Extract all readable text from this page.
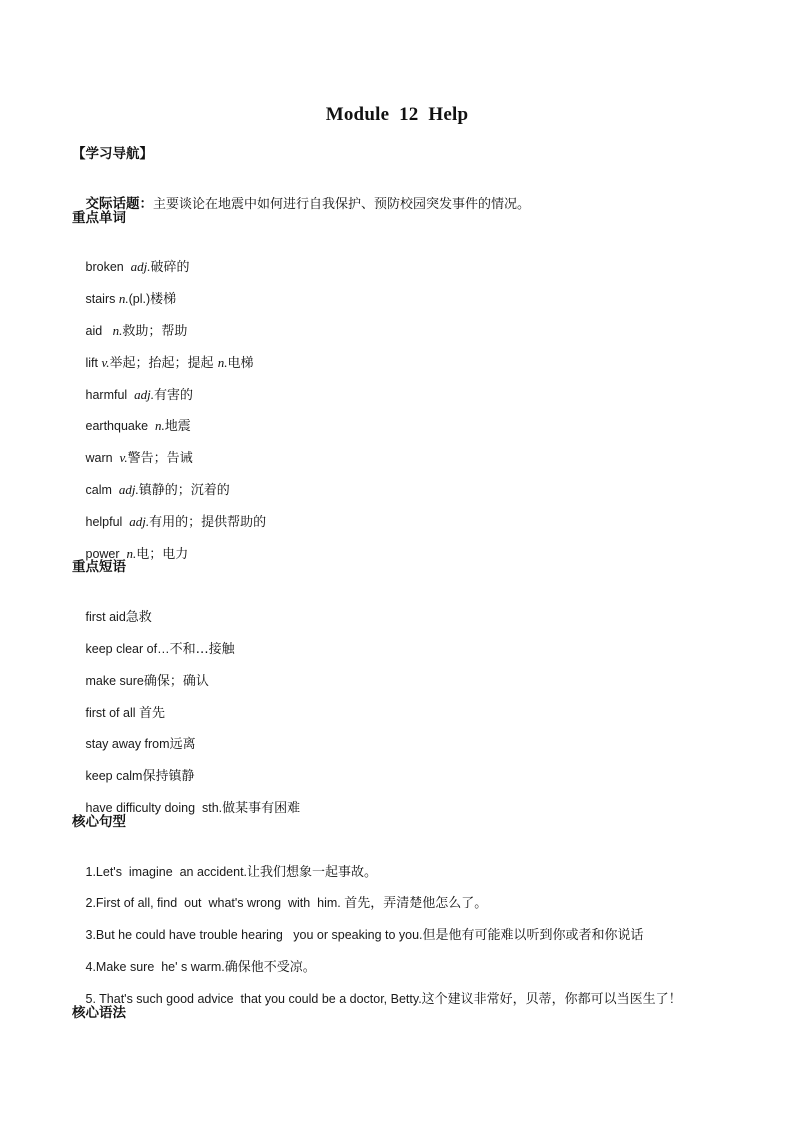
Module  12  Help
【学习导航】

交际话题：主要谈论在地震中如何进行自我保护、预防校园突发事件的情况。

重点单词

broken  adj.破碎的

stairs n.(pl.)楼梯

aid   n.救助；帮助

lift v.举起；抬起；提起 n.电梯

harmful  adj.有害的

earthquake  n.地震

warn  v.警告；告诫

calm  adj.镇静的；沉着的

helpful  adj.有用的；提供帮助的

power  n.电；电力

重点短语

first aid急救

keep clear of…不和…接触

make sure确保；确认

first of all 首先

stay away from远离

keep calm保持镇静

have difficulty doing  sth.做某事有困难

核心句型

1.Let's  imagine  an accident.让我们想象一起事故。

2.First of all, find  out  what's wrong  with  him. 首先，弄清楚他怎么了。

3.But he could have trouble hearing   you or speaking to you.但是他有可能难以听到你或者和你说话

4.Make sure  he' s warm.确保他不受凉。

5. That's such good advice  that you could be a doctor, Betty.这个建议非常好，贝蒂，你都可以当医生了！

核心语法
